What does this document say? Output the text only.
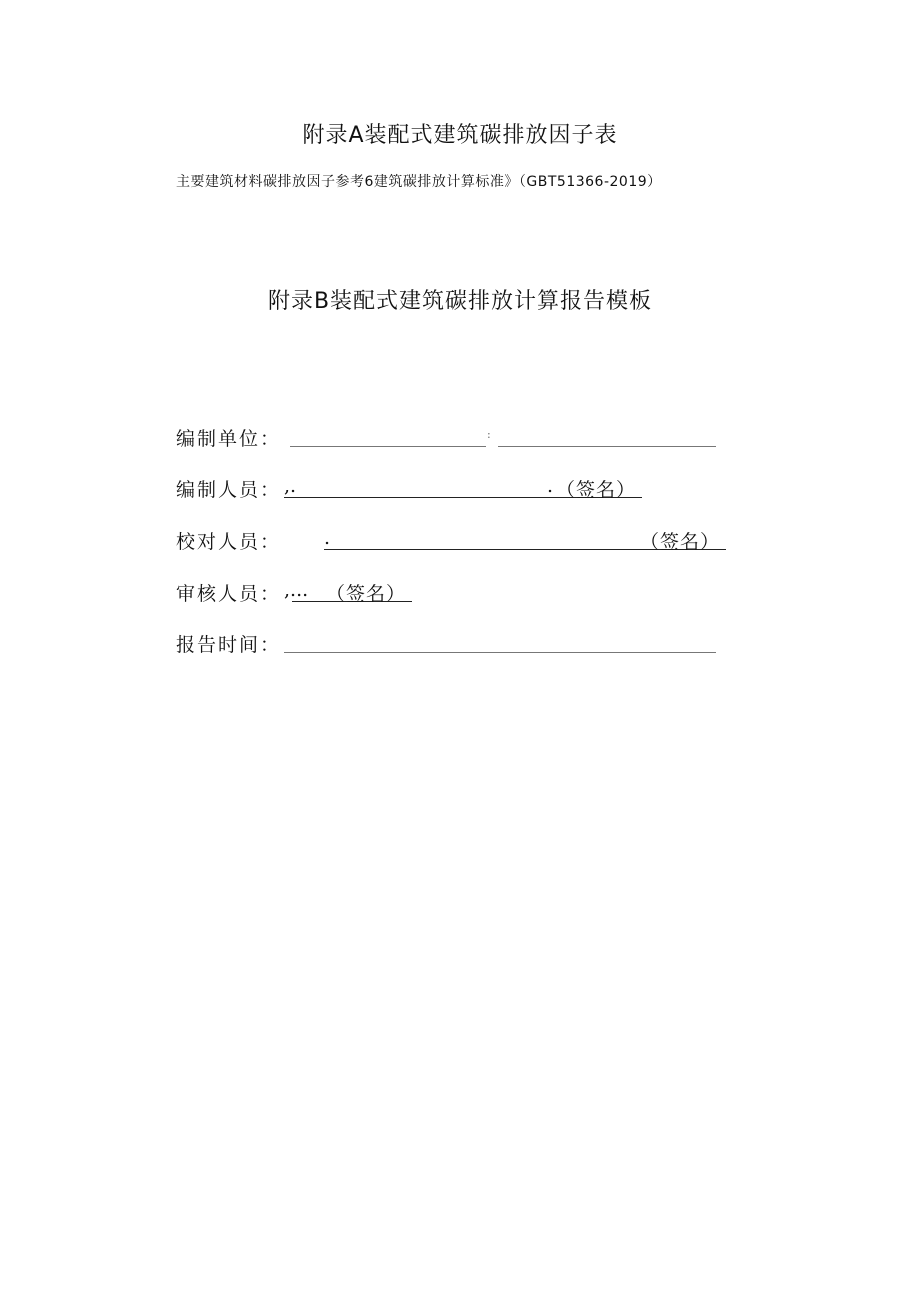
附录A装配式建筑碳排放因子表
主要建筑材料碳排放因子参考6建筑碳排放计算标准》（GBT51366-2019）
附录B装配式建筑碳排放计算报告模板
编制单位：	:
编制人员： ,.	. （签名）
校对人员： .	（签名）
审核人员： ,... （签名）
报告时间：
